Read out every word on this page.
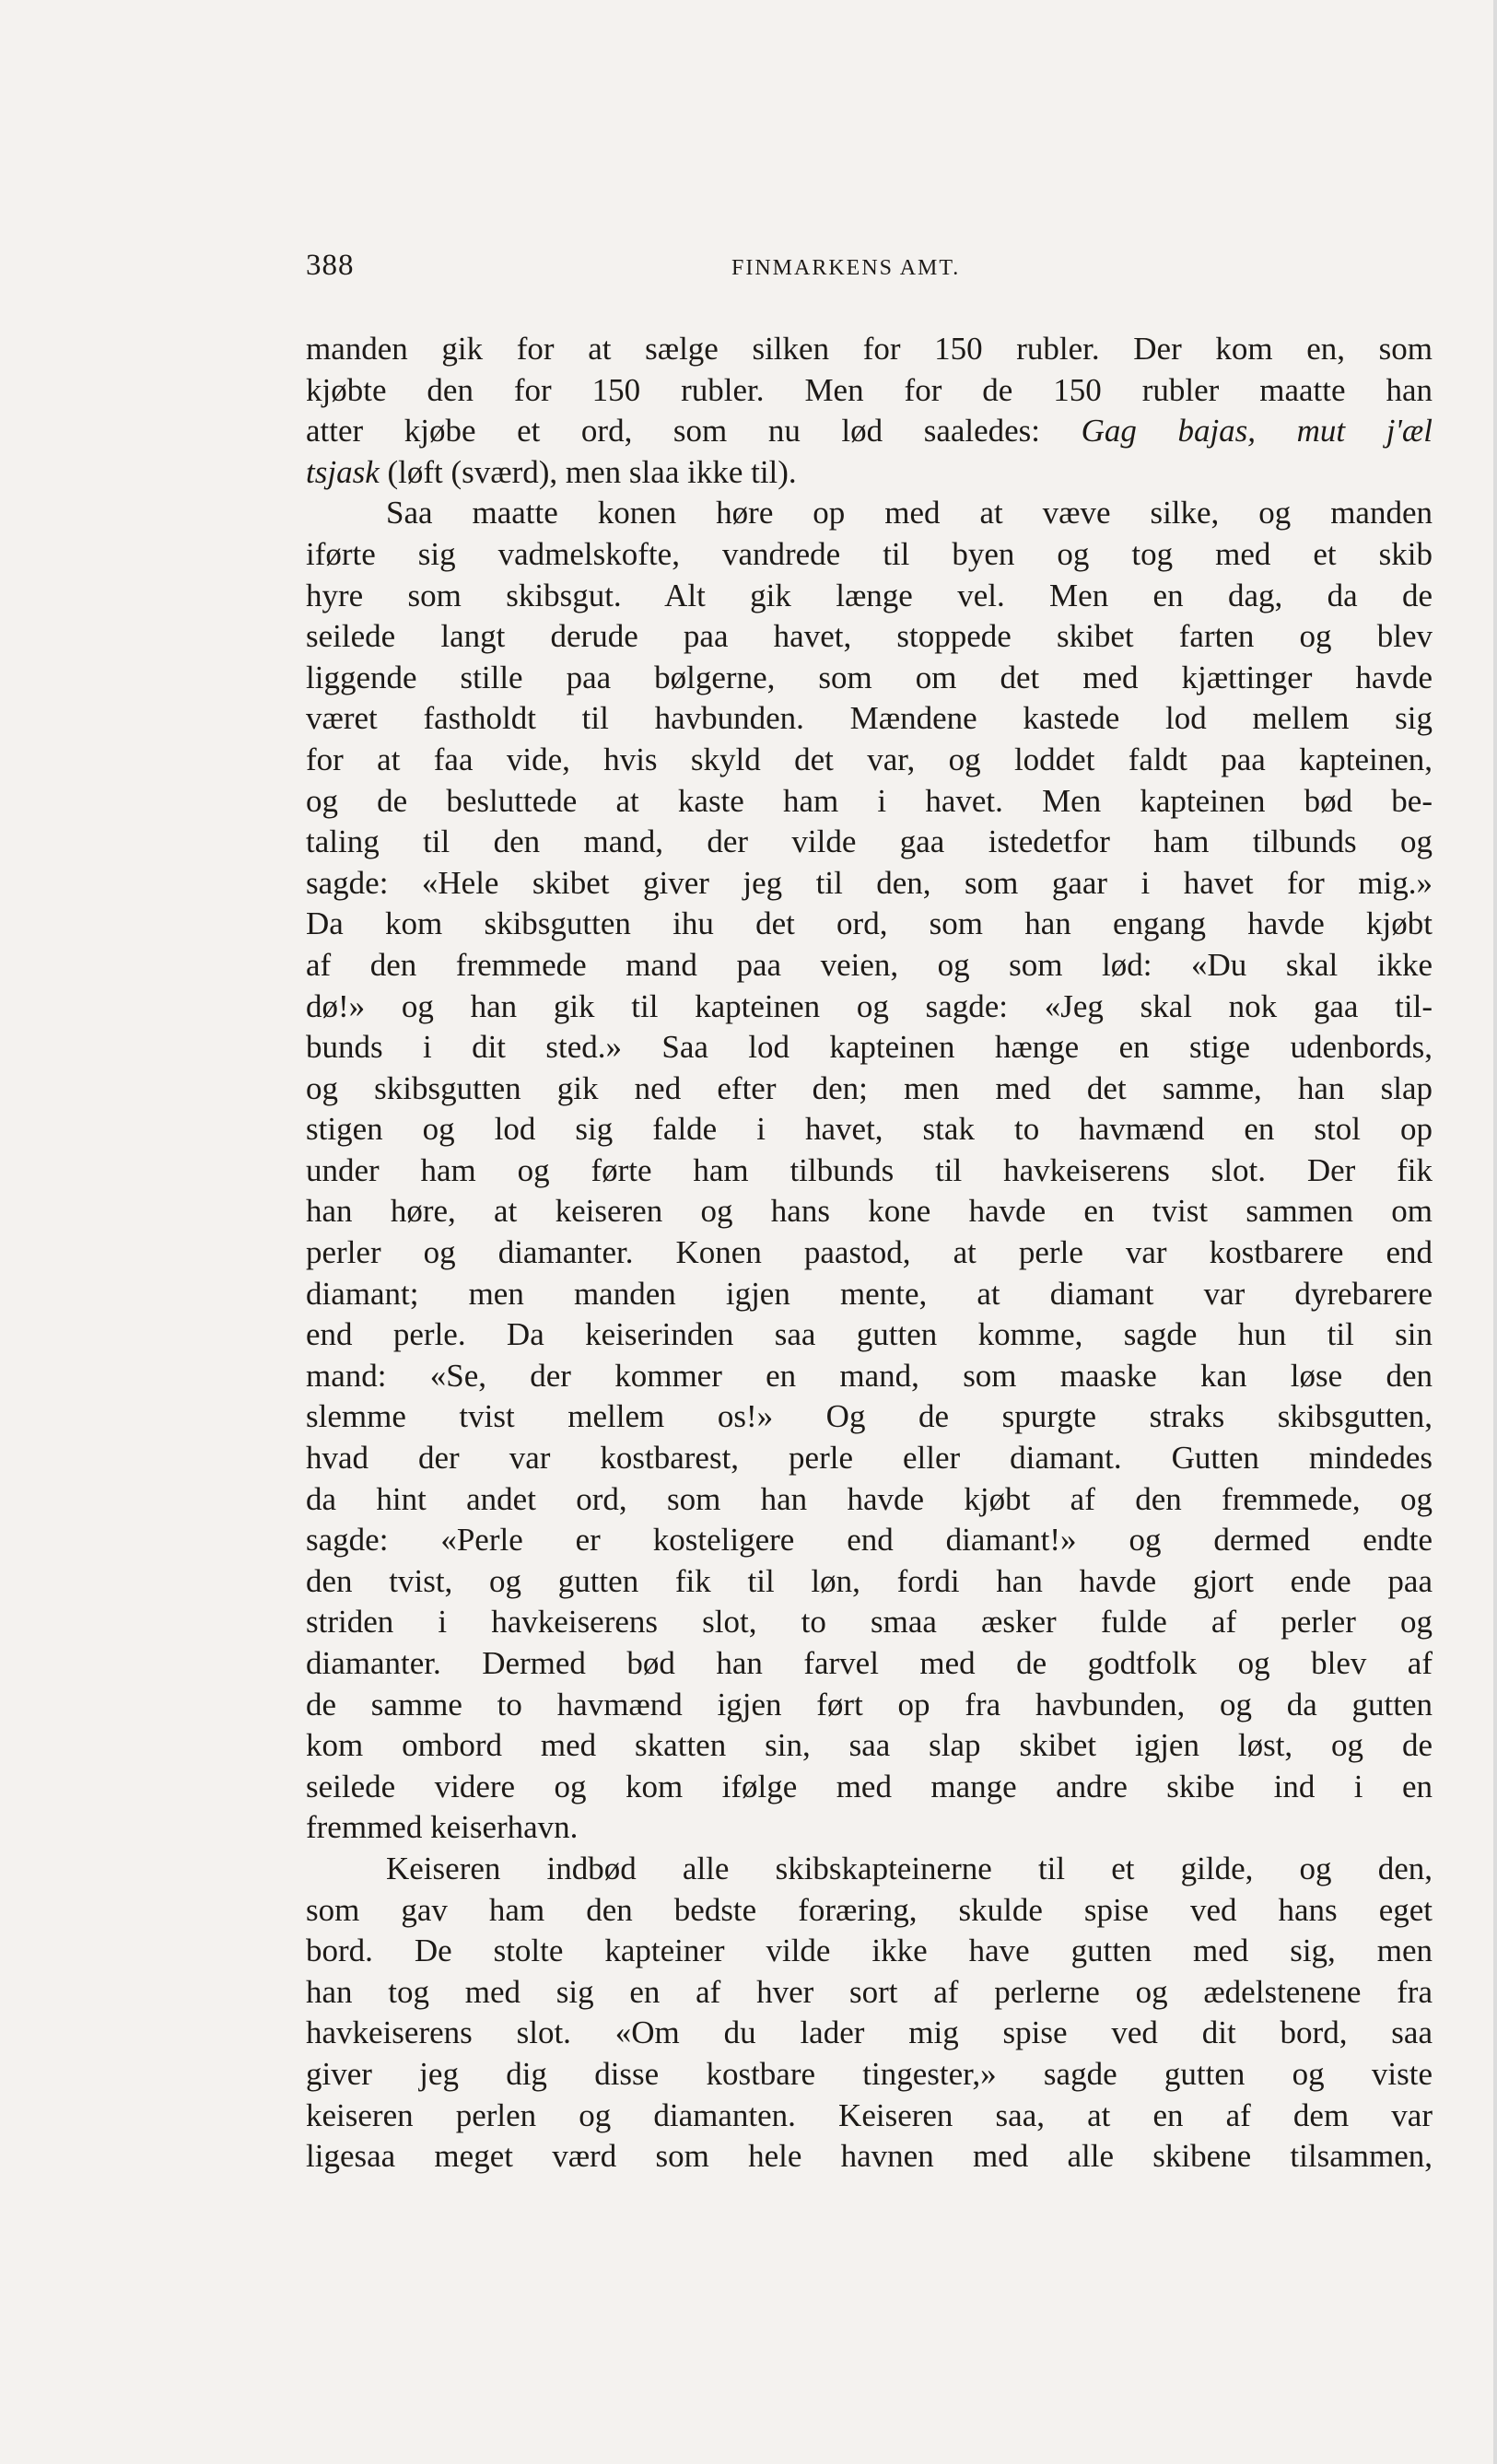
388	FINMARKENS AMT.
manden gik for at sælge silken for 150 rubler. Der kom en, som
kjøbte den for 150 rubler. Men for de 150 rubler maatte han
atter kjøbe et ord, som nu lød saaledes: Gag bajas, mut j'æl
tsjask (løft (sværd), men slaa ikke til).
Saa maatte konen høre op med at væve silke, og manden
iførte sig vadmelskofte, vandrede til byen og tog med et skib
hyre som skibsgut. Alt gik længe vel. Men en dag, da de
seilede langt derude paa havet, stoppede skibet farten og blev
liggende stille paa bølgerne, som om det med kjættinger havde
været fastholdt til havbunden. Mændene kastede lod mellem sig
for at faa vide, hvis skyld det var, og loddet faldt paa kapteinen,
og de besluttede at kaste ham i havet. Men kapteinen bød be-
taling til den mand, der vilde gaa istedetfor ham tilbunds og
sagde: «Hele skibet giver jeg til den, som gaar i havet for mig.»
Da kom skibsgutten ihu det ord, som han engang havde kjøbt
af den fremmede mand paa veien, og som lød: «Du skal ikke
dø!» og han gik til kapteinen og sagde: «Jeg skal nok gaa til-
bunds i dit sted.» Saa lod kapteinen hænge en stige udenbords,
og skibsgutten gik ned efter den; men med det samme, han slap
stigen og lod sig falde i havet, stak to havmænd en stol op
under ham og førte ham tilbunds til havkeiserens slot. Der fik
han høre, at keiseren og hans kone havde en tvist sammen om
perler og diamanter. Konen paastod, at perle var kostbarere end
diamant; men manden igjen mente, at diamant var dyrebarere
end perle. Da keiserinden saa gutten komme, sagde hun til sin
mand: «Se, der kommer en mand, som maaske kan løse den
slemme tvist mellem os!» Og de spurgte straks skibsgutten,
hvad der var kostbarest, perle eller diamant. Gutten mindedes
da hint andet ord, som han havde kjøbt af den fremmede, og
sagde: «Perle er kosteligere end diamant!» og dermed endte
den tvist, og gutten fik til løn, fordi han havde gjort ende paa
striden i havkeiserens slot, to smaa æsker fulde af perler og
diamanter. Dermed bød han farvel med de godtfolk og blev af
de samme to havmænd igjen ført op fra havbunden, og da gutten
kom ombord med skatten sin, saa slap skibet igjen løst, og de
seilede videre og kom ifølge med mange andre skibe ind i en
fremmed keiserhavn.
Keiseren indbød alle skibskapteinerne til et gilde, og den,
som gav ham den bedste foræring, skulde spise ved hans eget
bord. De stolte kapteiner vilde ikke have gutten med sig, men
han tog med sig en af hver sort af perlerne og ædelstenene fra
havkeiserens slot. «Om du lader mig spise ved dit bord, saa
giver jeg dig disse kostbare tingester,» sagde gutten og viste
keiseren perlen og diamanten. Keiseren saa, at en af dem var
ligesaa meget værd som hele havnen med alle skibene tilsammen,
